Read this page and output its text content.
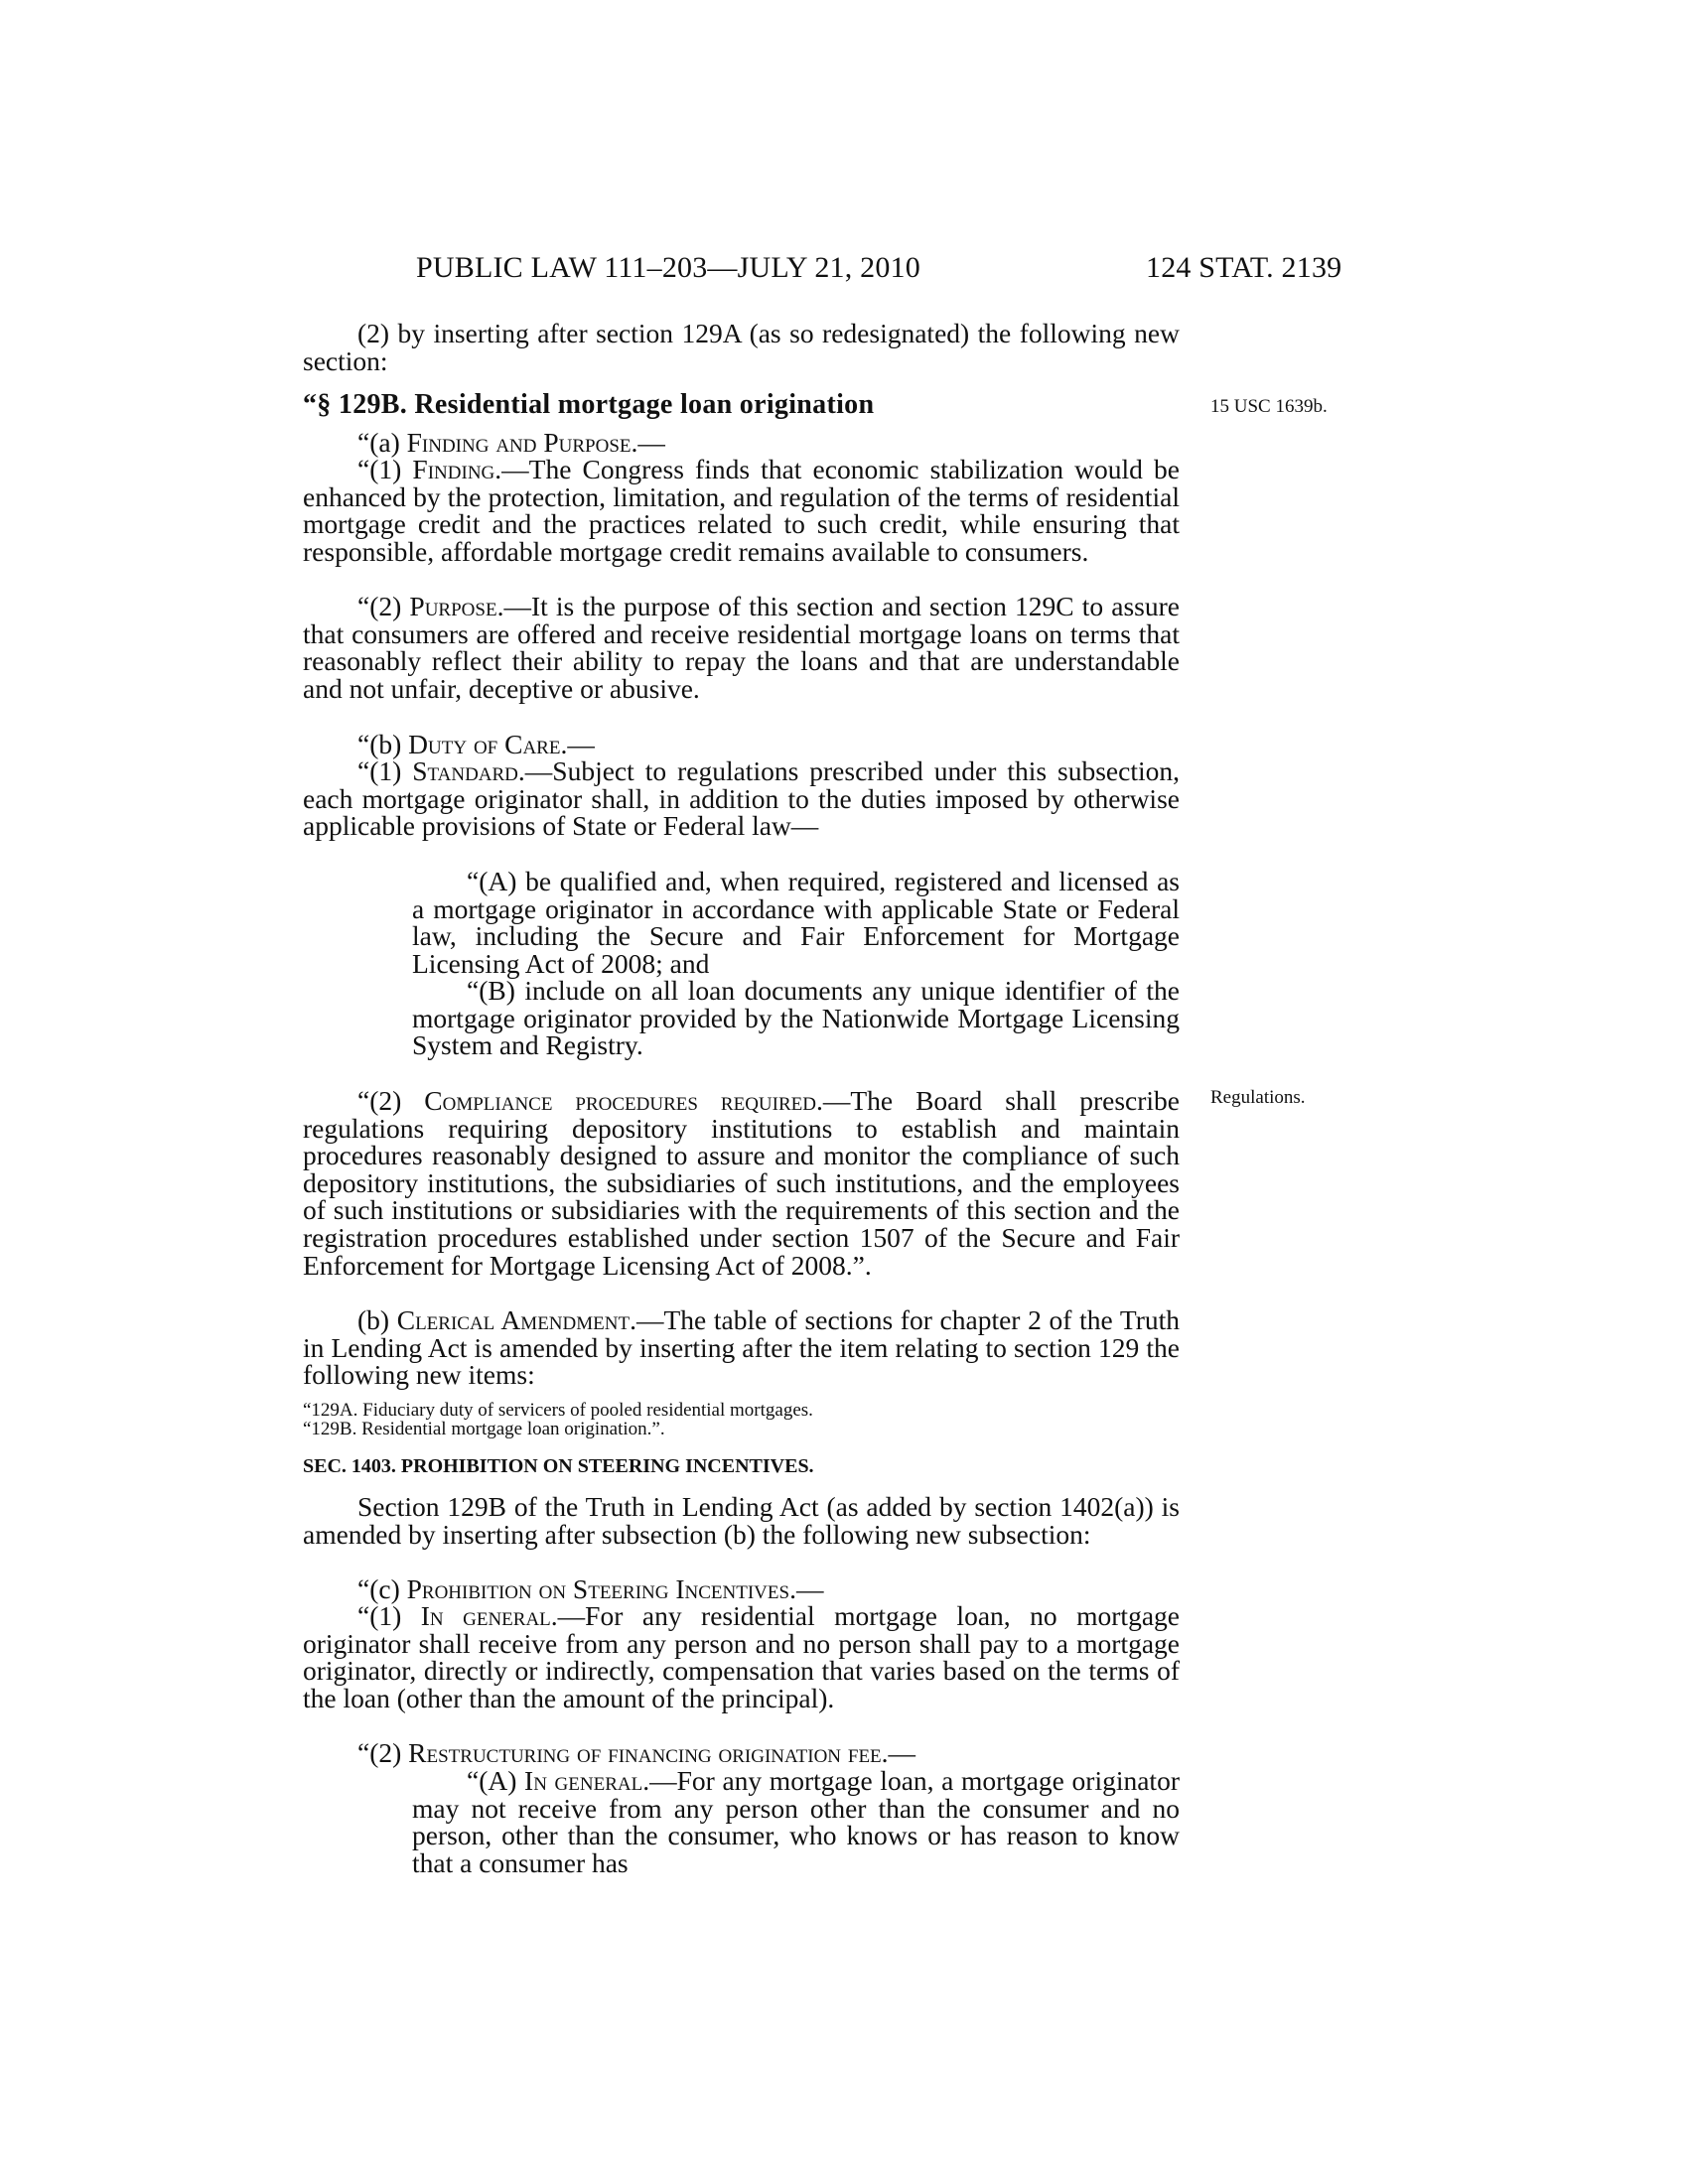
PUBLIC LAW 111–203—JULY 21, 2010	124 STAT. 2139
15 USC 1639b.
Regulations.

(2) by inserting after section 129A (as so redesignated) the following new section:

“§ 129B. Residential mortgage loan origination

“(a) Finding and Purpose.—

“(1) Finding.—The Congress finds that economic stabilization would be enhanced by the protection, limitation, and regulation of the terms of residential mortgage credit and the practices related to such credit, while ensuring that responsible, affordable mortgage credit remains available to consumers.

“(2) Purpose.—It is the purpose of this section and section 129C to assure that consumers are offered and receive residential mortgage loans on terms that reasonably reflect their ability to repay the loans and that are understandable and not unfair, deceptive or abusive.

“(b) Duty of Care.—

“(1) Standard.—Subject to regulations prescribed under this subsection, each mortgage originator shall, in addition to the duties imposed by otherwise applicable provisions of State or Federal law—

“(A) be qualified and, when required, registered and licensed as a mortgage originator in accordance with applicable State or Federal law, including the Secure and Fair Enforcement for Mortgage Licensing Act of 2008; and

“(B) include on all loan documents any unique identifier of the mortgage originator provided by the Nationwide Mortgage Licensing System and Registry.

“(2) Compliance procedures required.—The Board shall prescribe regulations requiring depository institutions to establish and maintain procedures reasonably designed to assure and monitor the compliance of such depository institutions, the subsidiaries of such institutions, and the employees of such institutions or subsidiaries with the requirements of this section and the registration procedures established under section 1507 of the Secure and Fair Enforcement for Mortgage Licensing Act of 2008.”.

(b) Clerical Amendment.—The table of sections for chapter 2 of the Truth in Lending Act is amended by inserting after the item relating to section 129 the following new items:

“129A. Fiduciary duty of servicers of pooled residential mortgages.
“129B. Residential mortgage loan origination.”.
SEC. 1403. PROHIBITION ON STEERING INCENTIVES.

Section 129B of the Truth in Lending Act (as added by section 1402(a)) is amended by inserting after subsection (b) the following new subsection:

“(c) Prohibition on Steering Incentives.—

“(1) In general.—For any residential mortgage loan, no mortgage originator shall receive from any person and no person shall pay to a mortgage originator, directly or indirectly, compensation that varies based on the terms of the loan (other than the amount of the principal).

“(2) Restructuring of financing origination fee.—

“(A) In general.—For any mortgage loan, a mortgage originator may not receive from any person other than the consumer and no person, other than the consumer, who knows or has reason to know that a consumer has
